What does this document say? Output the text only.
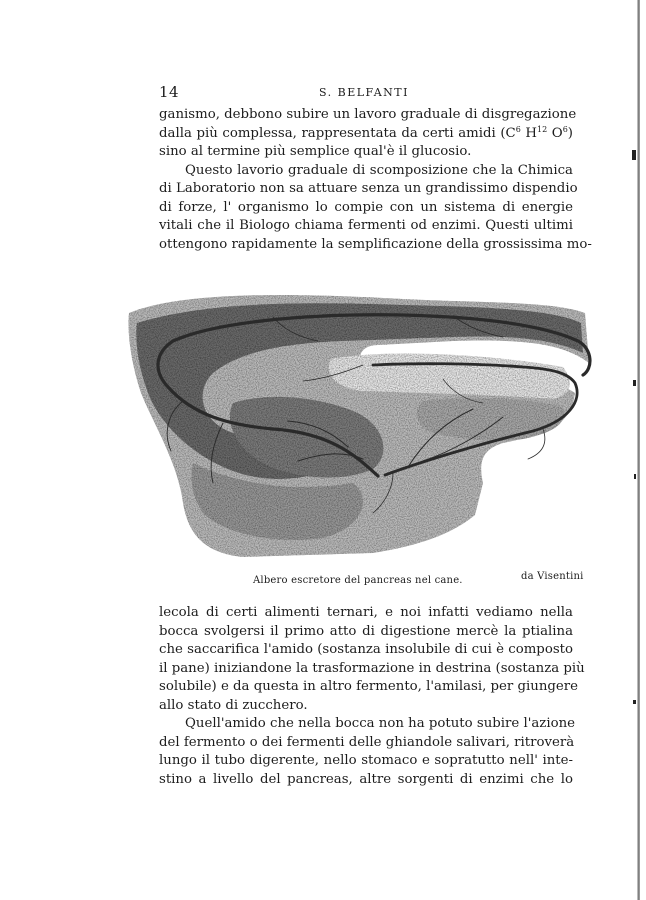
14	S. BELFANTI
ganismo, debbono subire un lavoro graduale di disgregazione
dalla più complessa, rappresentata da certi amidi ($C^6$ $H^{12}$ $O^6$)
sino al termine più semplice qual'è il glucosio.
Questo lavorio graduale di scomposizione che la Chimica
di Laboratorio non sa attuare senza un grandissimo dispendio
di forze, l' organismo lo compie con un sistema di energie
vitali che il Biologo chiama fermenti od enzimi. Questi ultimi
ottengono rapidamente la semplificazione della grossissima mo-
Albero escretore del pancreas nel cane.	da Visentini
lecola di certi alimenti ternari, e noi infatti vediamo nella
bocca svolgersi il primo atto di digestione mercè la ptialina
che saccarifica l'amido (sostanza insolubile di cui è composto
il pane) iniziandone la trasformazione in destrina (sostanza più
solubile) e da questa in altro fermento, l'amilasi, per giungere
allo stato di zucchero.
Quell'amido che nella bocca non ha potuto subire l'azione
del fermento o dei fermenti delle ghiandole salivari, ritroverà
lungo il tubo digerente, nello stomaco e sopratutto nell' inte-
stino a livello del pancreas, altre sorgenti di enzimi che lo
